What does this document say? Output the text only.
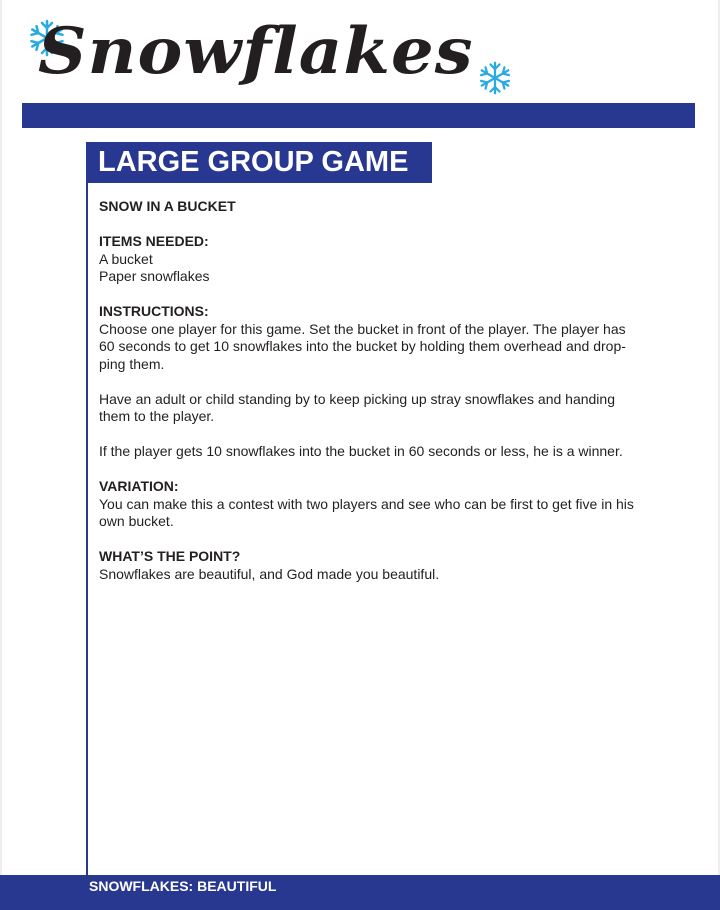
Snowflakes
LARGE GROUP GAME

SNOW IN A BUCKET

ITEMS NEEDED:
A bucket
Paper snowflakes

INSTRUCTIONS:
Choose one player for this game. Set the bucket in front of the player. The player has
60 seconds to get 10 snowflakes into the bucket by holding them overhead and drop-
ping them.

Have an adult or child standing by to keep picking up stray snowflakes and handing
them to the player.

If the player gets 10 snowflakes into the bucket in 60 seconds or less, he is a winner.

VARIATION:
You can make this a contest with two players and see who can be first to get five in his
own bucket.

WHAT’S THE POINT?
Snowflakes are beautiful, and God made you beautiful.

SNOWFLAKES: BEAUTIFUL
